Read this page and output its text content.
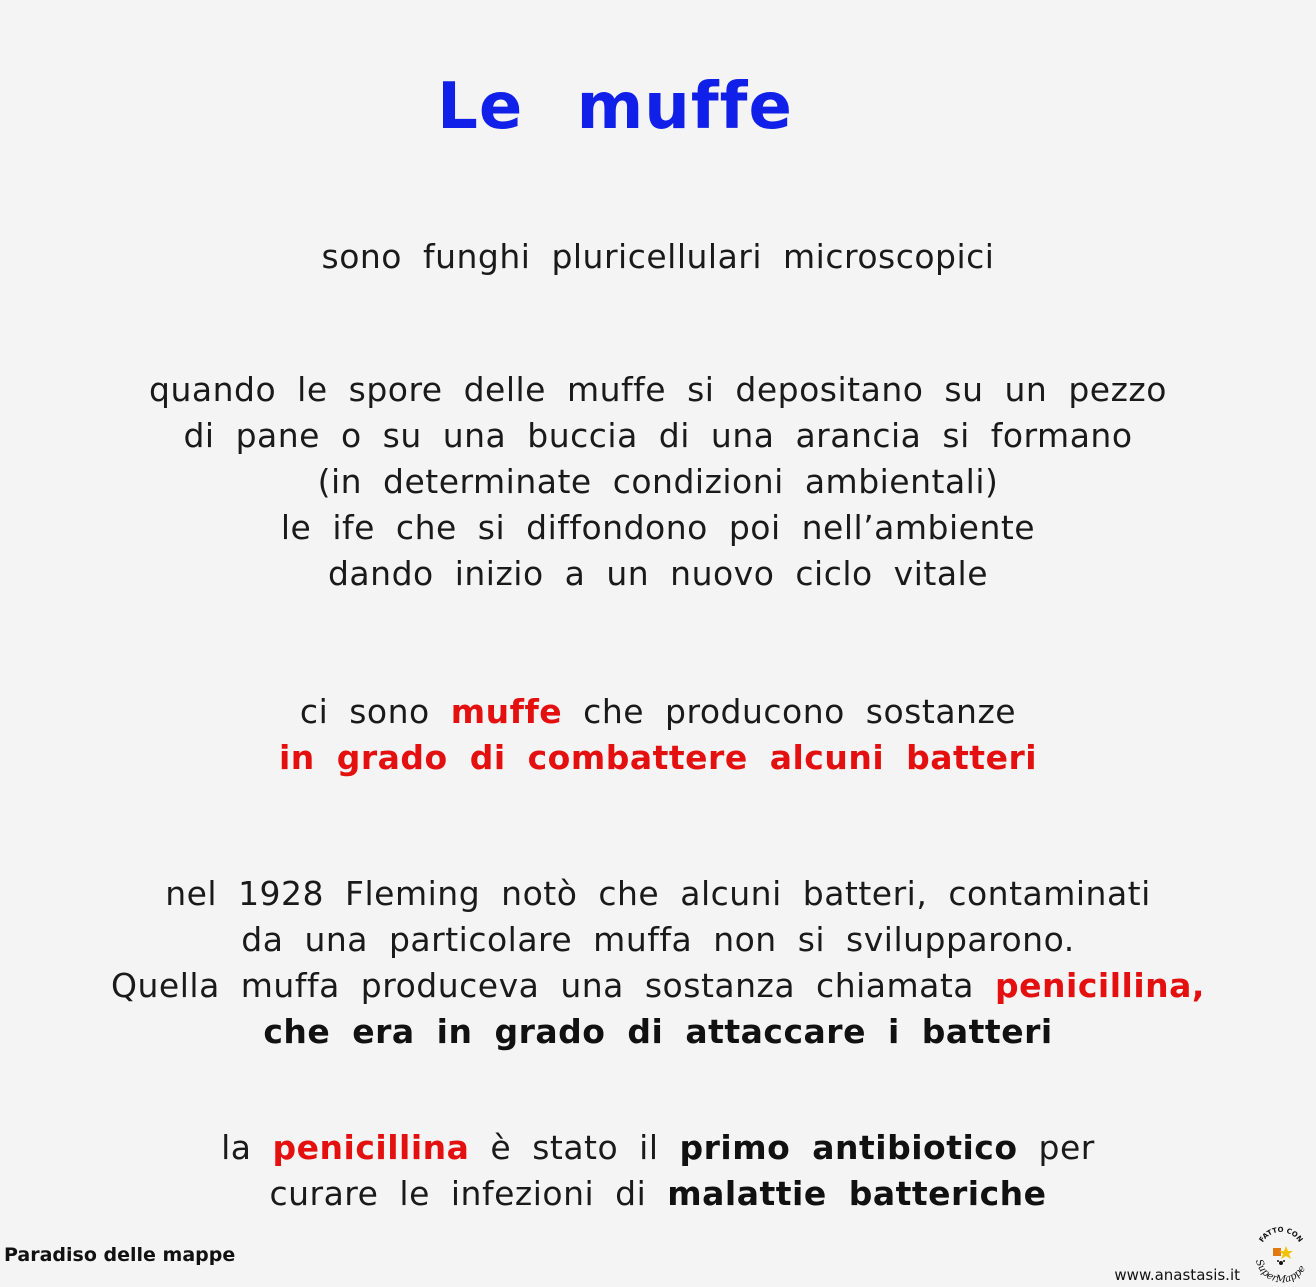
Le muffe

sono funghi pluricellulari microscopici

quando le spore delle muffe si depositano su un pezzo

di pane o su una buccia di una arancia si formano

(in determinate condizioni ambientali)

le ife che si diffondono poi nell’ambiente

dando inizio a un nuovo ciclo vitale

ci sono muffe che producono sostanze

in grado di combattere alcuni batteri

nel 1928 Fleming notò che alcuni batteri, contaminati

da una particolare muffa non si svilupparono.

Quella muffa produceva una sostanza chiamata penicillina,

che era in grado di attaccare i batteri

la penicillina è stato il primo antibiotico per

curare le infezioni di malattie batteriche

Paradiso delle mappe
www.anastasis.it
FATTO CON
SuperMappe
